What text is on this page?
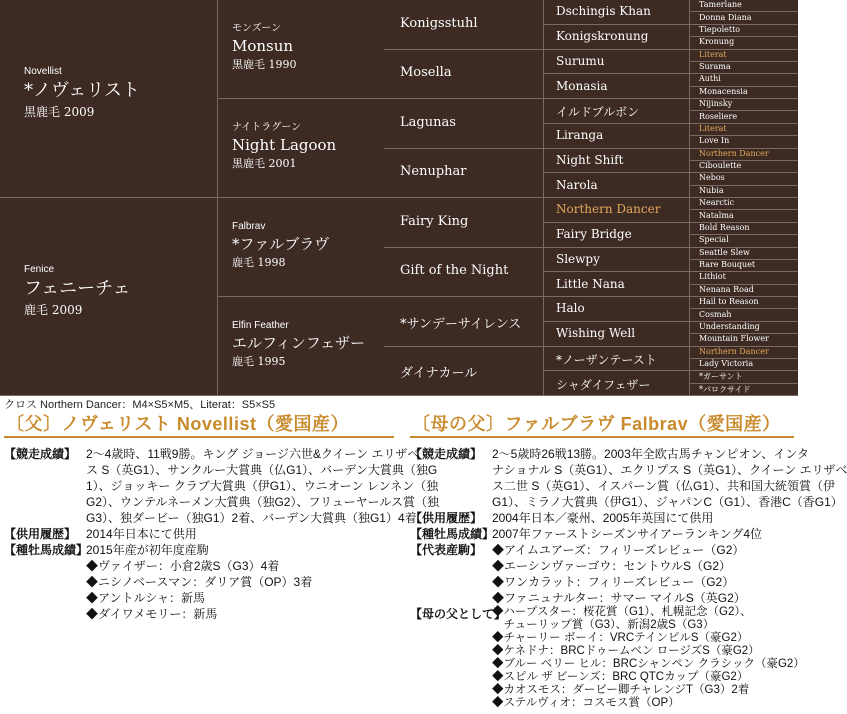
Novellist
*ノヴェリスト
黒鹿毛 2009
Fenice
フェニーチェ
鹿毛 2009
モンズーン
Monsun
黒鹿毛 1990
ナイトラグーン
Night Lagoon
黒鹿毛 2001
Falbrav
*ファルブラヴ
鹿毛 1998
Elfin Feather
エルフィンフェザー
鹿毛 1995
Konigsstuhl
Mosella
Lagunas
Nenuphar
Fairy King
Gift of the Night
*サンデーサイレンス
ダイナカール
Dschingis Khan
Konigskronung
Surumu
Monasia
イルドブルボン
Liranga
Night Shift
Narola
Northern Dancer
Fairy Bridge
Slewpy
Little Nana
Halo
Wishing Well
*ノーザンテースト
シャダイフェザー
Tamerlane
Donna Diana
Tiepoletto
Kronung
Literat
Surama
Authi
Monacensia
Nijinsky
Roseliere
Literat
Love In
Northern Dancer
Ciboulette
Nebos
Nubia
Nearctic
Natalma
Bold Reason
Special
Seattle Slew
Rare Bouquet
Lithiot
Nenana Road
Hail to Reason
Cosmah
Understanding
Mountain Flower
Northern Dancer
Lady Victoria
*ガーサント
*パロクサイド
クロス Northern Dancer：M4×S5×M5、Literat：S5×S5
〔父〕ノヴェリスト Novellist（愛国産）	〔母の父〕ファルブラヴ Falbrav（愛国産）
【競走成績】 2～4歳時、11戦9勝。キング ジョージ六世&クイーン エリザベ
ス S（英G1）、サンクルー大賞典（仏G1）、バーデン大賞典（独G
1）、ジョッキー クラブ大賞典（伊G1）、ウニオーン レンネン（独
G2）、ウンテルネーメン大賞典（独G2）、フリューヤールス賞（独
G3）、独ダービー（独G1）2着、バーデン大賞典（独G1）4着
【供用履歴】 2014年日本にて供用
【種牡馬成績】
2015年産が初年度産駒
◆ヴァイザー：小倉2歳S（G3）4着
◆ニシノベースマン：ダリア賞（OP）3着
◆アントルシャ：新馬
◆ダイワメモリー：新馬
【競走成績】 2～5歳時26戦13勝。2003年全欧古馬チャンピオン、インタ
ナショナル S（英G1）、エクリプス S（英G1）、クイーン エリザベ
ス二世 S（英G1）、イスパーン賞（仏G1）、共和国大統領賞（伊
G1）、ミラノ大賞典（伊G1）、ジャパンC（G1）、香港C（香G1）
【供用履歴】 2004年日本／豪州、2005年英国にて供用
【種牡馬成績】
2007年ファーストシーズンサイアーランキング4位
【代表産駒】 ◆アイムユアーズ：フィリーズレビュー（G2）
◆エーシンヴァーゴウ：セントウルS（G2）
◆ワンカラット：フィリーズレビュー（G2）
◆ファニュナルター：サマー マイルS（英G2）
【母の父として】
◆ハープスター：桜花賞（G1）、札幌記念（G2）、
　チューリップ賞（G3）、新潟2歳S（G3）
◆チャーリー ボーイ：VRCテインピルS（豪G2）
◆ケネドナ：BRCドゥームベン ロージズS（豪G2）
◆ブルー ベリー ヒル：BRCシャンペン クラシック（豪G2）
◆スピル ザ ビーンズ：BRC QTCカップ（豪G2）
◆カオスモス：ダービー卿チャレンジT（G3）2着
◆ステルヴィオ：コスモス賞（OP）
